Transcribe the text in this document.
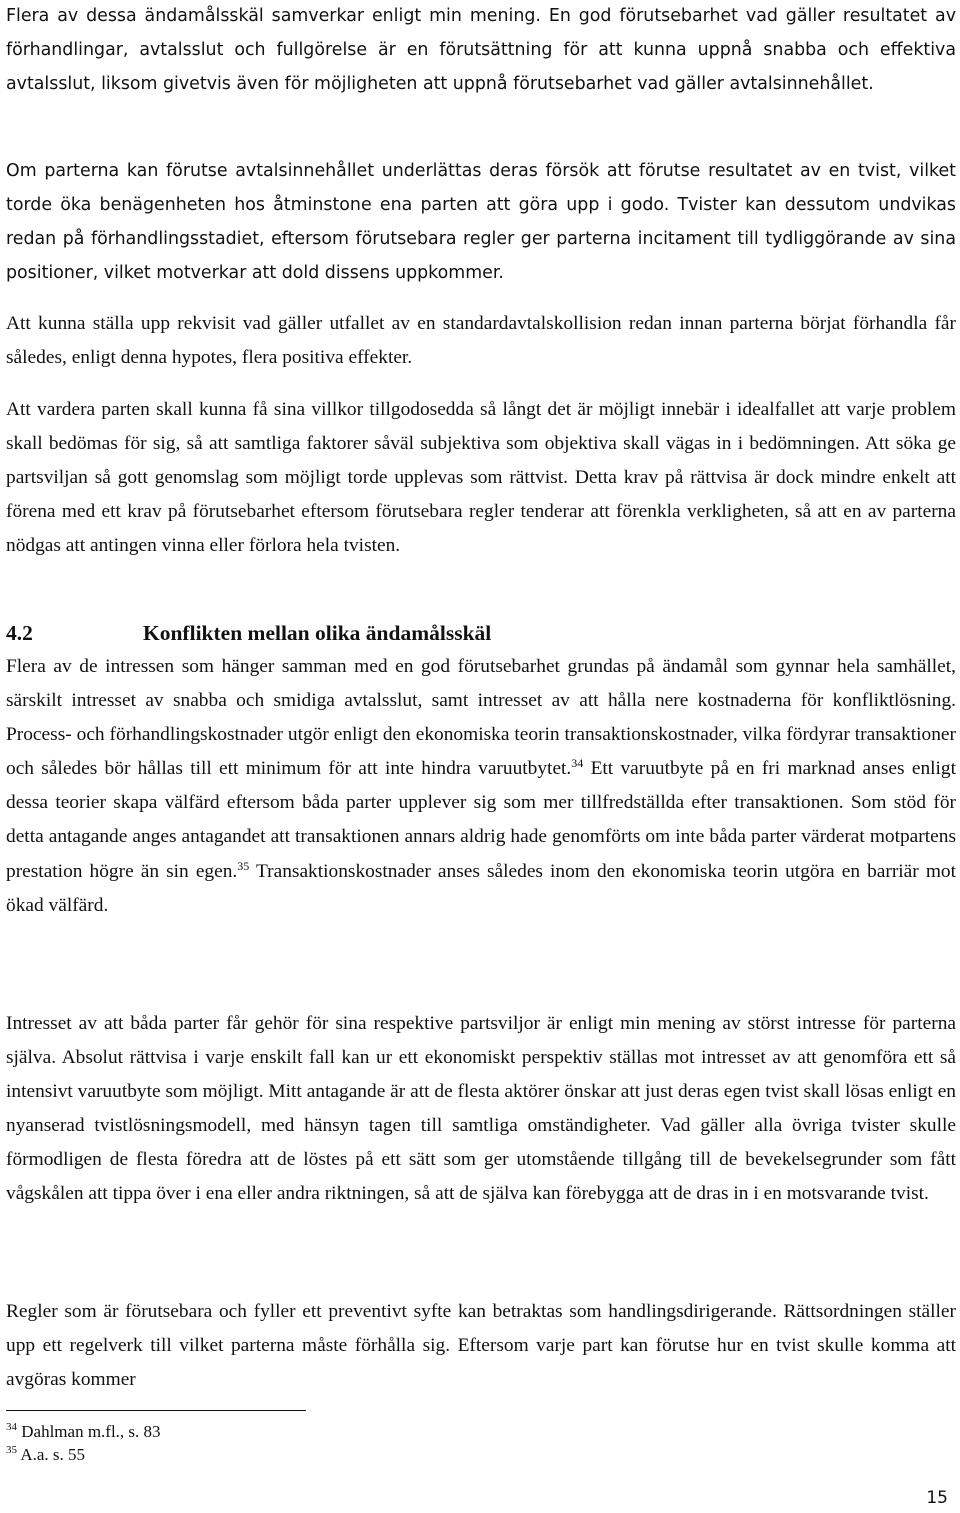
Flera av dessa ändamålsskäl samverkar enligt min mening. En god förutsebarhet vad gäller resultatet av förhandlingar, avtalsslut och fullgörelse är en förutsättning för att kunna uppnå snabba och effektiva avtalsslut, liksom givetvis även för möjligheten att uppnå förutsebarhet vad gäller avtalsinnehållet.

Om parterna kan förutse avtalsinnehållet underlättas deras försök att förutse resultatet av en tvist, vilket torde öka benägenheten hos åtminstone ena parten att göra upp i godo. Tvister kan dessutom undvikas redan på förhandlingsstadiet, eftersom förutsebara regler ger parterna incitament till tydliggörande av sina positioner, vilket motverkar att dold dissens uppkommer.

Att kunna ställa upp rekvisit vad gäller utfallet av en standardavtalskollision redan innan parterna börjat förhandla får således, enligt denna hypotes, flera positiva effekter.

Att vardera parten skall kunna få sina villkor tillgodosedda så långt det är möjligt innebär i idealfallet att varje problem skall bedömas för sig, så att samtliga faktorer såväl subjektiva som objektiva skall vägas in i bedömningen. Att söka ge partsviljan så gott genomslag som möjligt torde upplevas som rättvist. Detta krav på rättvisa är dock mindre enkelt att förena med ett krav på förutsebarhet eftersom förutsebara regler tenderar att förenkla verkligheten, så att en av parterna nödgas att antingen vinna eller förlora hela tvisten.

4.2	Konflikten mellan olika ändamålsskäl

Flera av de intressen som hänger samman med en god förutsebarhet grundas på ändamål som gynnar hela samhället, särskilt intresset av snabba och smidiga avtalsslut, samt intresset av att hålla nere kostnaderna för konfliktlösning. Process- och förhandlingskostnader utgör enligt den ekonomiska teorin transaktionskostnader, vilka fördyrar transaktioner och således bör hållas till ett minimum för att inte hindra varuutbytet.$^{34}$ Ett varuutbyte på en fri marknad anses enligt dessa teorier skapa välfärd eftersom båda parter upplever sig som mer tillfredställda efter transaktionen. Som stöd för detta antagande anges antagandet att transaktionen annars aldrig hade genomförts om inte båda parter värderat motpartens prestation högre än sin egen.$^{35}$ Transaktionskostnader anses således inom den ekonomiska teorin utgöra en barriär mot ökad välfärd.

Intresset av att båda parter får gehör för sina respektive partsviljor är enligt min mening av störst intresse för parterna själva. Absolut rättvisa i varje enskilt fall kan ur ett ekonomiskt perspektiv ställas mot intresset av att genomföra ett så intensivt varuutbyte som möjligt. Mitt antagande är att de flesta aktörer önskar att just deras egen tvist skall lösas enligt en nyanserad tvistlösningsmodell, med hänsyn tagen till samtliga omständigheter. Vad gäller alla övriga tvister skulle förmodligen de flesta föredra att de löstes på ett sätt som ger utomstående tillgång till de bevekelsegrunder som fått vågskålen att tippa över i ena eller andra riktningen, så att de själva kan förebygga att de dras in i en motsvarande tvist.

Regler som är förutsebara och fyller ett preventivt syfte kan betraktas som handlingsdirigerande. Rättsordningen ställer upp ett regelverk till vilket parterna måste förhålla sig. Eftersom varje part kan förutse hur en tvist skulle komma att avgöras kommer

$^{34}$ Dahlman m.fl., s. 83
$^{35}$ A.a. s. 55
15
